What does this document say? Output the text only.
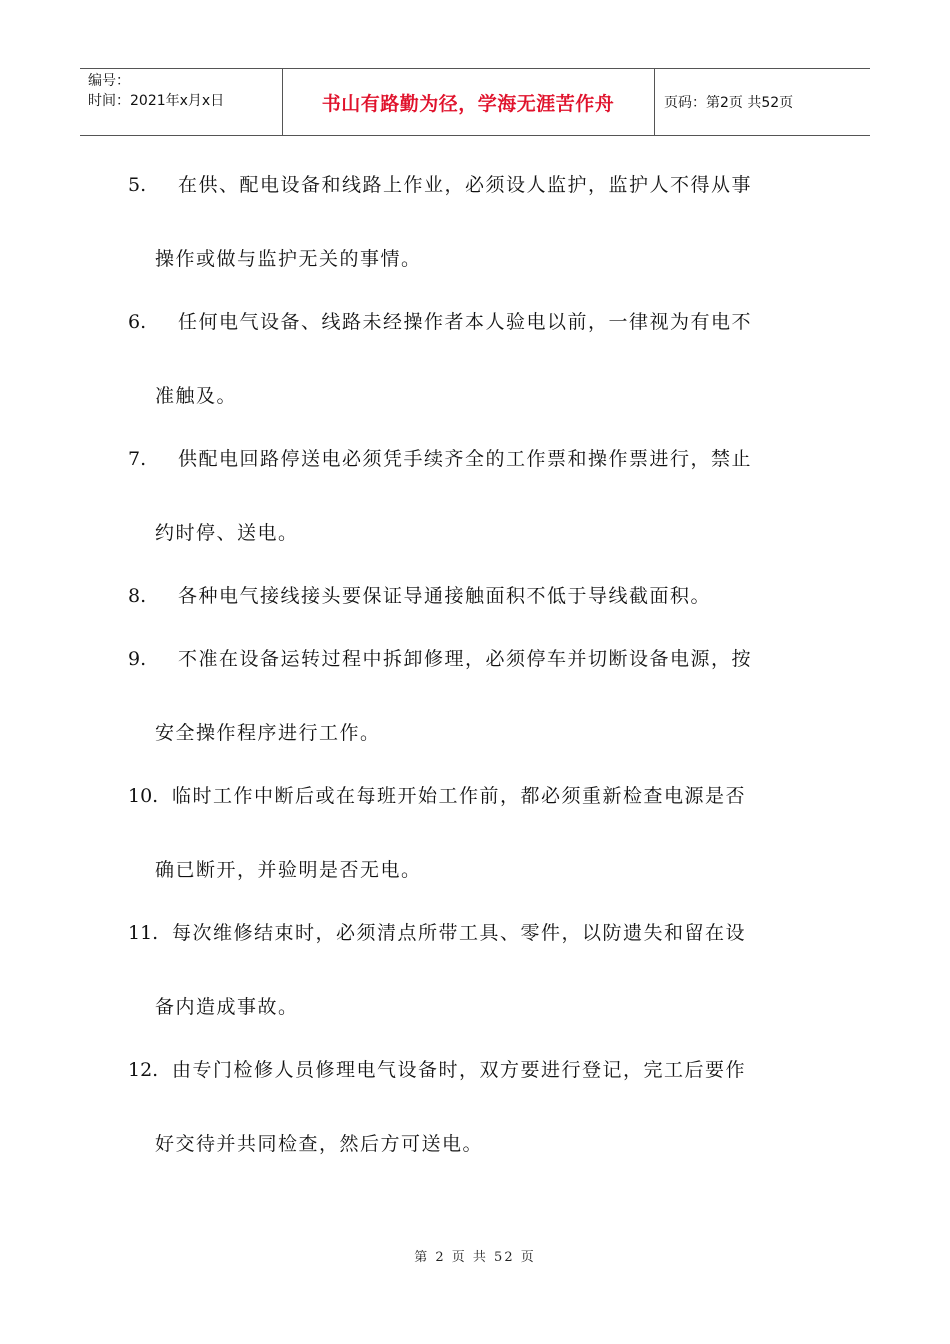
编号：
时间：2021年x月x日	书山有路勤为径，学海无涯苦作舟	页码：第2页 共52页
5. 在供、配电设备和线路上作业，必须设人监护，监护人不得从事
操作或做与监护无关的事情。
6. 任何电气设备、线路未经操作者本人验电以前，一律视为有电不
准触及。
7. 供配电回路停送电必须凭手续齐全的工作票和操作票进行，禁止
约时停、送电。
8. 各种电气接线接头要保证导通接触面积不低于导线截面积。
9. 不准在设备运转过程中拆卸修理，必须停车并切断设备电源，按
安全操作程序进行工作。
10. 临时工作中断后或在每班开始工作前，都必须重新检查电源是否
确已断开，并验明是否无电。
11. 每次维修结束时，必须清点所带工具、零件，以防遗失和留在设
备内造成事故。
12. 由专门检修人员修理电气设备时，双方要进行登记，完工后要作
好交待并共同检查，然后方可送电。
第 2 页 共 52 页
